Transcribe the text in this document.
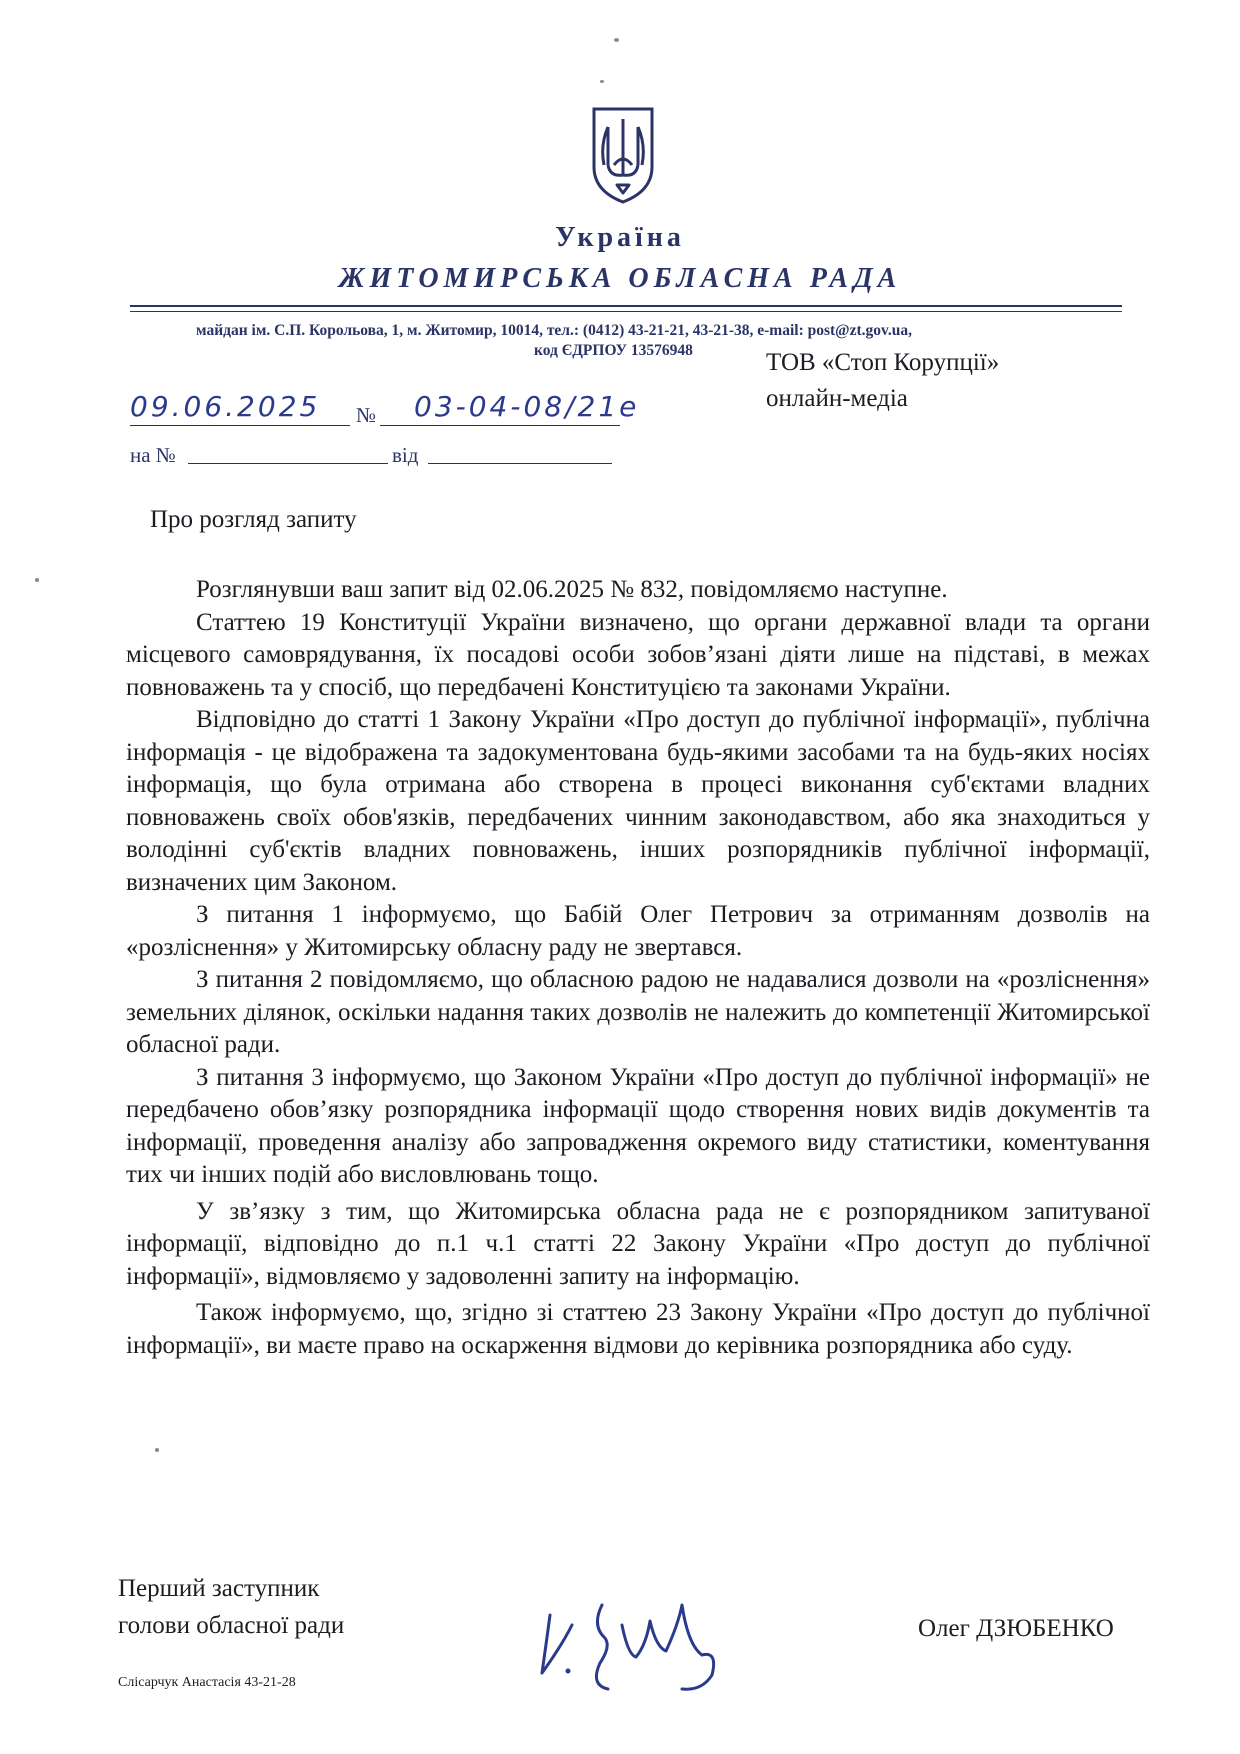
Україна
ЖИТОМИРСЬКА ОБЛАСНА РАДА
майдан ім. С.П. Корольова, 1, м. Житомир, 10014, тел.: (0412) 43-21-21, 43-21-38, e-mail: post@zt.gov.ua,
код ЄДРПОУ 13576948	ТОВ «Стоп Корупції»
онлайн-медіа
09.06.2025 № 03-04-08/21е
на №	від
Про розгляд запиту

Розглянувши ваш запит від 02.06.2025 № 832, повідомляємо наступне.

Статтею 19 Конституції України визначено, що органи державної влади та органи місцевого самоврядування, їх посадові особи зобов’язані діяти лише на підставі, в межах повноважень та у спосіб, що передбачені Конституцією та законами України.

Відповідно до статті 1 Закону України «Про доступ до публічної інформації», публічна інформація - це відображена та задокументована будь-якими засобами та на будь-яких носіях інформація, що була отримана або створена в процесі виконання суб'єктами владних повноважень своїх обов'язків, передбачених чинним законодавством, або яка знаходиться у володінні суб'єктів владних повноважень, інших розпорядників публічної інформації, визначених цим Законом.

З питання 1 інформуємо, що Бабій Олег Петрович за отриманням дозволів на «розліснення» у Житомирську обласну раду не звертався.

З питання 2 повідомляємо, що обласною радою не надавалися дозволи на «розліснення» земельних ділянок, оскільки надання таких дозволів не належить до компетенції Житомирської обласної ради.

З питання 3 інформуємо, що Законом України «Про доступ до публічної інформації» не передбачено обов’язку розпорядника інформації щодо створення нових видів документів та інформації, проведення аналізу або запровадження окремого виду статистики, коментування тих чи інших подій або висловлювань тощо.

У зв’язку з тим, що Житомирська обласна рада не є розпорядником запитуваної інформації, відповідно до п.1 ч.1 статті 22 Закону України «Про доступ до публічної інформації», відмовляємо у задоволенні запиту на інформацію.

Також інформуємо, що, згідно зі статтею 23 Закону України «Про доступ до публічної інформації», ви маєте право на оскарження відмови до керівника розпорядника або суду.

Перший заступник
голови обласної ради	Олег ДЗЮБЕНКО
Слісарчук Анастасія 43-21-28
